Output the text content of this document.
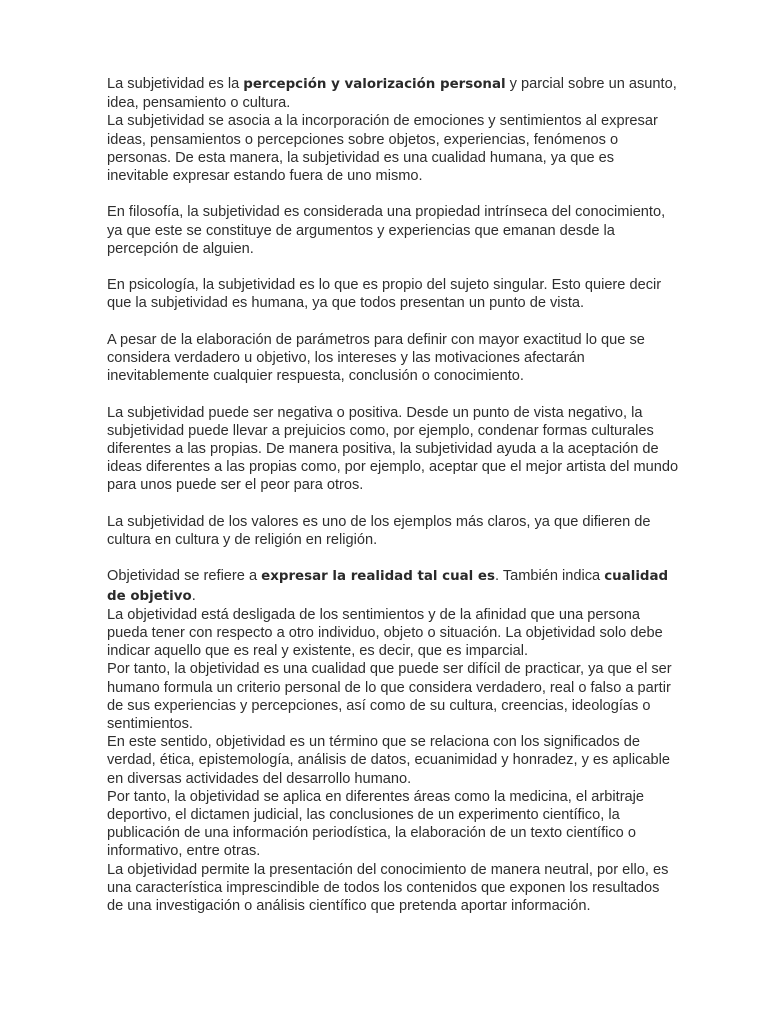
La subjetividad es la percepción y valorización personal y parcial sobre un asunto, idea, pensamiento o cultura.

La subjetividad se asocia a la incorporación de emociones y sentimientos al expresar ideas, pensamientos o percepciones sobre objetos, experiencias, fenómenos o personas. De esta manera, la subjetividad es una cualidad humana, ya que es inevitable expresar estando fuera de uno mismo.

En filosofía, la subjetividad es considerada una propiedad intrínseca del conocimiento, ya que este se constituye de argumentos y experiencias que emanan desde la percepción de alguien.

En psicología, la subjetividad es lo que es propio del sujeto singular. Esto quiere decir que la subjetividad es humana, ya que todos presentan un punto de vista.

A pesar de la elaboración de parámetros para definir con mayor exactitud lo que se considera verdadero u objetivo, los intereses y las motivaciones afectarán inevitablemente cualquier respuesta, conclusión o conocimiento.

La subjetividad puede ser negativa o positiva. Desde un punto de vista negativo, la subjetividad puede llevar a prejuicios como, por ejemplo, condenar formas culturales diferentes a las propias. De manera positiva, la subjetividad ayuda a la aceptación de ideas diferentes a las propias como, por ejemplo, aceptar que el mejor artista del mundo para unos puede ser el peor para otros.

La subjetividad de los valores es uno de los ejemplos más claros, ya que difieren de cultura en cultura y de religión en religión.

Objetividad se refiere a expresar la realidad tal cual es. También indica cualidad de objetivo.

La objetividad está desligada de los sentimientos y de la afinidad que una persona pueda tener con respecto a otro individuo, objeto o situación. La objetividad solo debe indicar aquello que es real y existente, es decir, que es imparcial.

Por tanto, la objetividad es una cualidad que puede ser difícil de practicar, ya que el ser humano formula un criterio personal de lo que considera verdadero, real o falso a partir de sus experiencias y percepciones, así como de su cultura, creencias, ideologías o sentimientos.

En este sentido, objetividad es un término que se relaciona con los significados de verdad, ética, epistemología, análisis de datos, ecuanimidad y honradez, y es aplicable en diversas actividades del desarrollo humano.

Por tanto, la objetividad se aplica en diferentes áreas como la medicina, el arbitraje deportivo, el dictamen judicial, las conclusiones de un experimento científico, la publicación de una información periodística, la elaboración de un texto científico o informativo, entre otras.

La objetividad permite la presentación del conocimiento de manera neutral, por ello, es una característica imprescindible de todos los contenidos que exponen los resultados de una investigación o análisis científico que pretenda aportar información.
